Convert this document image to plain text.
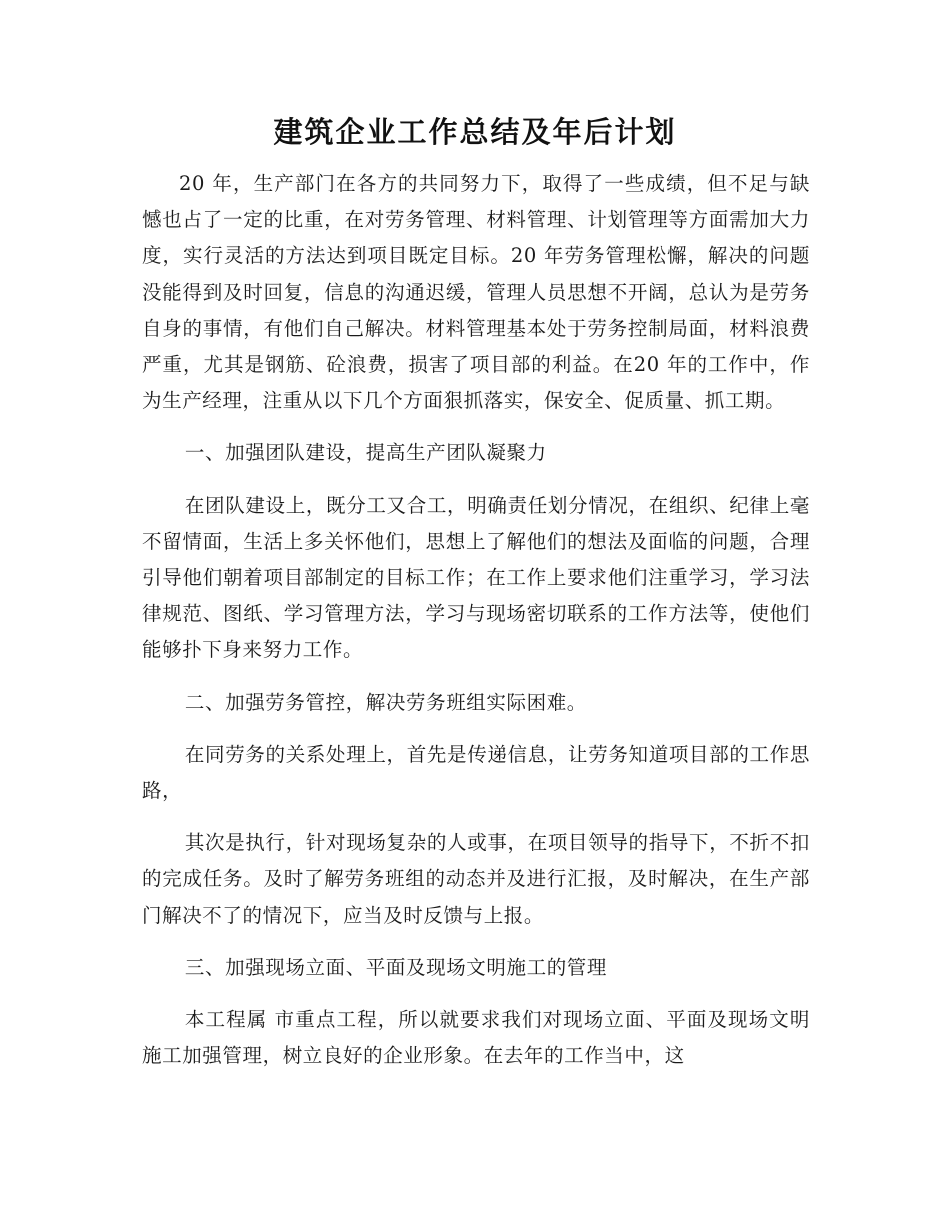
建筑企业工作总结及年后计划

20 年，生产部门在各方的共同努力下，取得了一些成绩，但不足与缺憾也占了一定的比重，在对劳务管理、材料管理、计划管理等方面需加大力度，实行灵活的方法达到项目既定目标。20 年劳务管理松懈，解决的问题没能得到及时回复，信息的沟通迟缓，管理人员思想不开阔，总认为是劳务自身的事情，有他们自己解决。材料管理基本处于劳务控制局面，材料浪费严重，尤其是钢筋、砼浪费，损害了项目部的利益。在20 年的工作中，作为生产经理，注重从以下几个方面狠抓落实，保安全、促质量、抓工期。

一、加强团队建设，提高生产团队凝聚力

在团队建设上，既分工又合工，明确责任划分情况，在组织、纪律上毫不留情面，生活上多关怀他们，思想上了解他们的想法及面临的问题，合理引导他们朝着项目部制定的目标工作；在工作上要求他们注重学习，学习法律规范、图纸、学习管理方法，学习与现场密切联系的工作方法等，使他们能够扑下身来努力工作。

二、加强劳务管控，解决劳务班组实际困难。

在同劳务的关系处理上，首先是传递信息，让劳务知道项目部的工作思路，

其次是执行，针对现场复杂的人或事，在项目领导的指导下，不折不扣的完成任务。及时了解劳务班组的动态并及进行汇报，及时解决，在生产部门解决不了的情况下，应当及时反馈与上报。

三、加强现场立面、平面及现场文明施工的管理

本工程属 市重点工程，所以就要求我们对现场立面、平面及现场文明施工加强管理，树立良好的企业形象。在去年的工作当中，这
